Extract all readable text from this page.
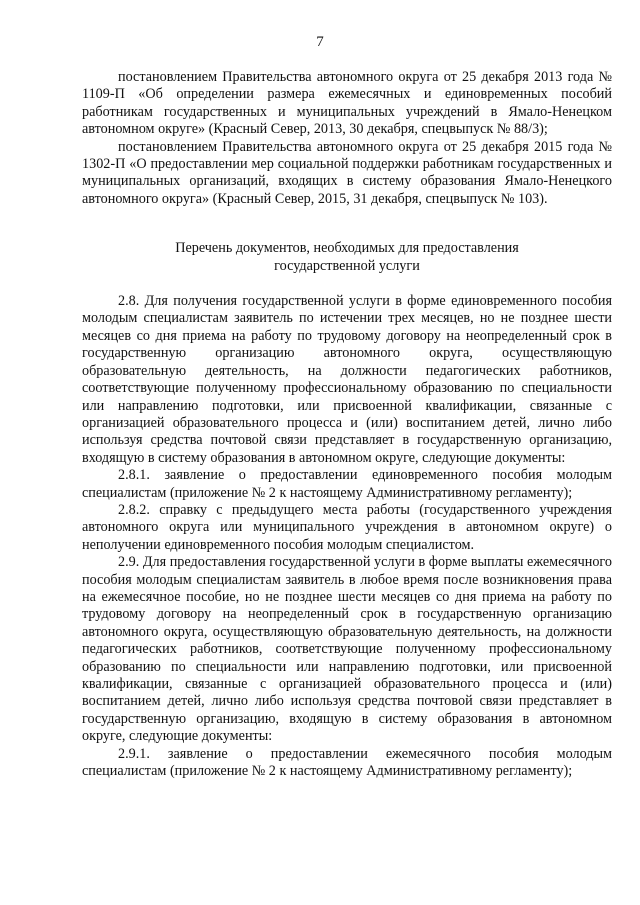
7

постановлением Правительства автономного округа от 25 декабря 2013 года № 1109-П «Об определении размера ежемесячных и единовременных пособий работникам государственных и муниципальных учреждений в Ямало-Ненецком автономном округе» (Красный Север, 2013, 30 декабря, спецвыпуск № 88/3);

постановлением Правительства автономного округа от 25 декабря 2015 года № 1302-П «О предоставлении мер социальной поддержки работникам государственных и муниципальных организаций, входящих в систему образования Ямало-Ненецкого автономного округа» (Красный Север, 2015, 31 декабря, спецвыпуск № 103).

Перечень документов, необходимых для предоставления
государственной услуги

2.8. Для получения государственной услуги в форме единовременного пособия молодым специалистам заявитель по истечении трех месяцев, но не позднее шести месяцев со дня приема на работу по трудовому договору на неопределенный срок в государственную организацию автономного округа, осуществляющую образовательную деятельность, на должности педагогических работников, соответствующие полученному профессиональному образованию по специальности или направлению подготовки, или присвоенной квалификации, связанные с организацией образовательного процесса и (или) воспитанием детей, лично либо используя средства почтовой связи представляет в государственную организацию, входящую в систему образования в автономном округе, следующие документы:

2.8.1. заявление о предоставлении единовременного пособия молодым специалистам (приложение № 2 к настоящему Административному регламенту);

2.8.2. справку с предыдущего места работы (государственного учреждения автономного округа или муниципального учреждения в автономном округе) о неполучении единовременного пособия молодым специалистом.

2.9. Для предоставления государственной услуги в форме выплаты ежемесячного пособия молодым специалистам заявитель в любое время после возникновения права на ежемесячное пособие, но не позднее шести месяцев со дня приема на работу по трудовому договору на неопределенный срок в государственную организацию автономного округа, осуществляющую образовательную деятельность, на должности педагогических работников, соответствующие полученному профессиональному образованию по специальности или направлению подготовки, или присвоенной квалификации, связанные с организацией образовательного процесса и (или) воспитанием детей, лично либо используя средства почтовой связи представляет в государственную организацию, входящую в систему образования в автономном округе, следующие документы:

2.9.1. заявление о предоставлении ежемесячного пособия молодым специалистам (приложение № 2 к настоящему Административному регламенту);
